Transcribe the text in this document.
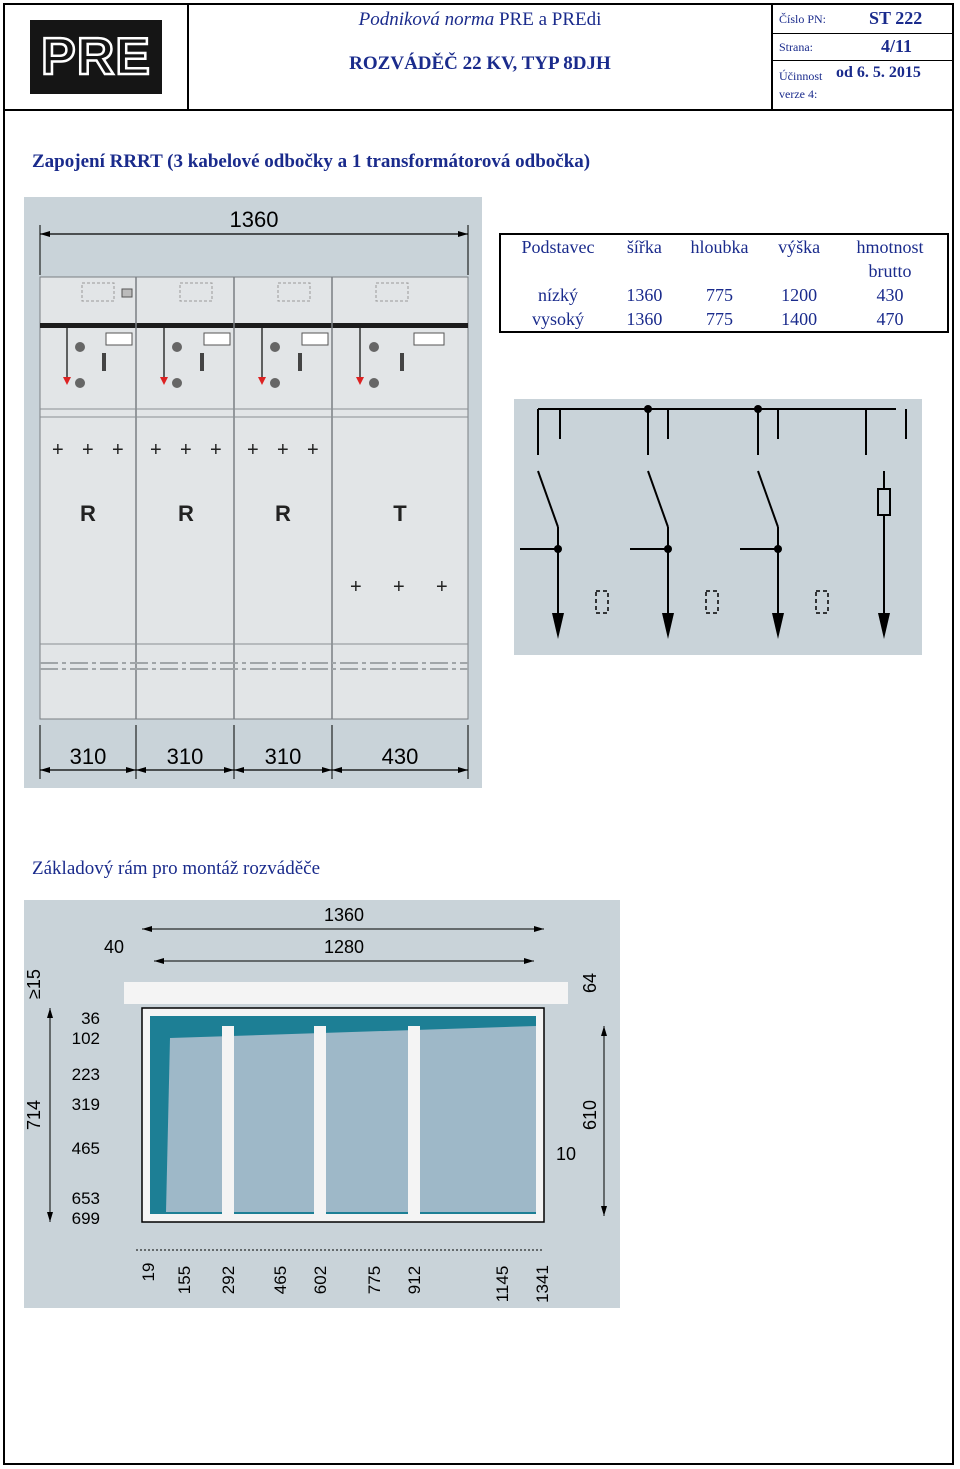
PRE
Podniková norma PRE a PREdi
ROZVÁDĚČ 22 KV, TYP 8DJH
Číslo PN: ST 222
Strana:	4/11
Účinnost od 6. 5. 2015
verze 4:
Zapojení RRRT (3 kabelové odbočky a 1 transformátorová odbočka)
1360
+ + + + + + + + +
+ + +
R	R	R	T
310	310	310	430
Podstavec	šířka	hloubka	výška	hmotnost brutto
nízký	1360	775	1200	430
vysoký	1360	775	1400	470
Základový rám pro montáž rozváděče
1360
1280
40
714
≥15
36
102
223
319
465
653
699
610
64
10
19 155 292 465 602 775 912	1145 1341
